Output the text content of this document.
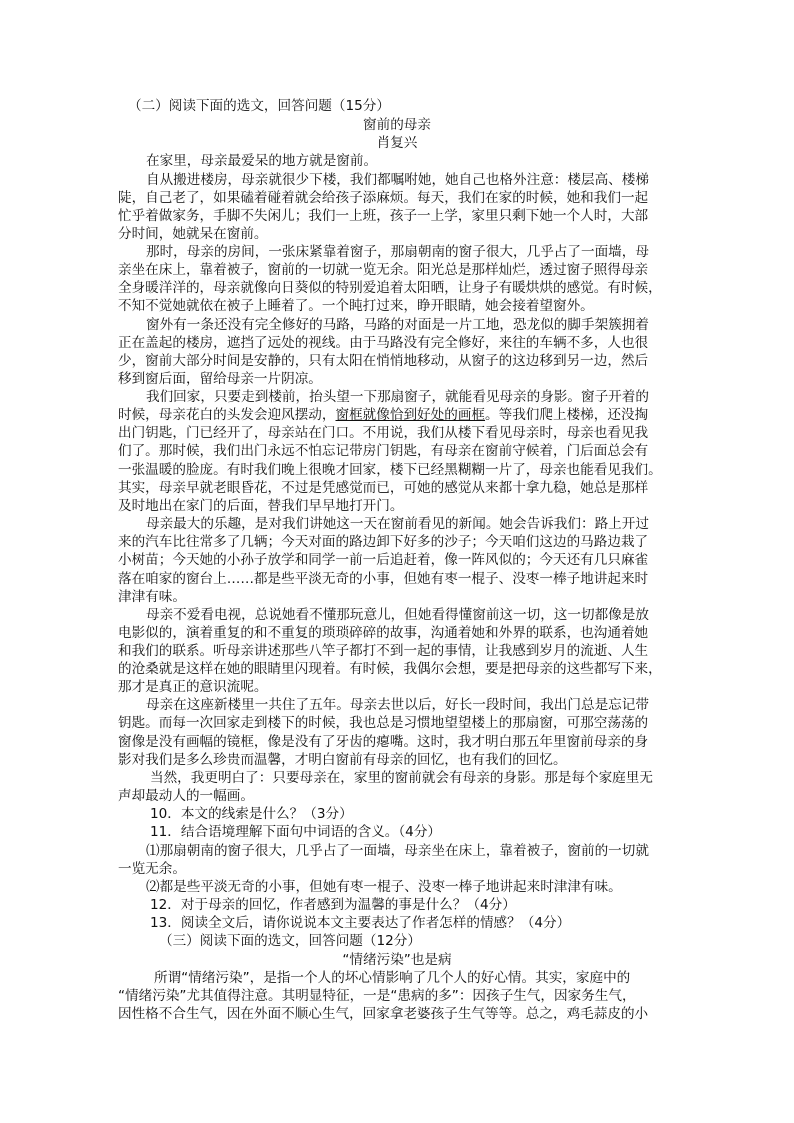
（二）阅读下面的选文，回答问题（15分）
窗前的母亲
肖复兴
在家里，母亲最爱呆的地方就是窗前。
自从搬进楼房，母亲就很少下楼，我们都嘱咐她，她自己也格外注意：楼层高、楼梯
陡，自己老了，如果磕着碰着就会给孩子添麻烦。每天，我们在家的时候，她和我们一起
忙乎着做家务，手脚不失闲儿；我们一上班，孩子一上学，家里只剩下她一个人时，大部
分时间，她就呆在窗前。
那时，母亲的房间，一张床紧靠着窗子，那扇朝南的窗子很大，几乎占了一面墙，母
亲坐在床上，靠着被子，窗前的一切就一览无余。阳光总是那样灿烂，透过窗子照得母亲
全身暖洋洋的，母亲就像向日葵似的特别爱追着太阳晒，让身子有暖烘烘的感觉。有时候，
不知不觉她就依在被子上睡着了。一个盹打过来，睁开眼睛，她会接着望窗外。
窗外有一条还没有完全修好的马路，马路的对面是一片工地，恐龙似的脚手架簇拥着
正在盖起的楼房，遮挡了远处的视线。由于马路没有完全修好，来往的车辆不多，人也很
少，窗前大部分时间是安静的，只有太阳在悄悄地移动，从窗子的这边移到另一边，然后
移到窗后面，留给母亲一片阴凉。
我们回家，只要走到楼前，抬头望一下那扇窗子，就能看见母亲的身影。窗子开着的
时候，母亲花白的头发会迎风摆动，窗框就像恰到好处的画框。等我们爬上楼梯，还没掏
出门钥匙，门已经开了，母亲站在门口。不用说，我们从楼下看见母亲时，母亲也看见我
们了。那时候，我们出门永远不怕忘记带房门钥匙，有母亲在窗前守候着，门后面总会有
一张温暖的脸庞。有时我们晚上很晚才回家，楼下已经黑糊糊一片了，母亲也能看见我们。
其实，母亲早就老眼昏花，不过是凭感觉而已，可她的感觉从来都十拿九稳，她总是那样
及时地出在家门的后面，替我们早早地打开门。
母亲最大的乐趣，是对我们讲她这一天在窗前看见的新闻。她会告诉我们：路上开过
来的汽车比往常多了几辆；今天对面的路边卸下好多的沙子；今天咱们这边的马路边栽了
小树苗；今天她的小孙子放学和同学一前一后追赶着，像一阵风似的；今天还有几只麻雀
落在咱家的窗台上……都是些平淡无奇的小事，但她有枣一棍子、没枣一棒子地讲起来时
津津有味。
母亲不爱看电视，总说她看不懂那玩意儿，但她看得懂窗前这一切，这一切都像是放
电影似的，演着重复的和不重复的琐琐碎碎的故事，沟通着她和外界的联系，也沟通着她
和我们的联系。听母亲讲述那些八竿子都打不到一起的事情，让我感到岁月的流逝、人生
的沧桑就是这样在她的眼睛里闪现着。有时候，我偶尔会想，要是把母亲的这些都写下来，
那才是真正的意识流呢。
母亲在这座新楼里一共住了五年。母亲去世以后，好长一段时间，我出门总是忘记带
钥匙。而每一次回家走到楼下的时候，我也总是习惯地望望楼上的那扇窗，可那空荡荡的
窗像是没有画幅的镜框，像是没有了牙齿的瘪嘴。这时，我才明白那五年里窗前母亲的身
影对我们是多么珍贵而温馨，才明白窗前有母亲的回忆，也有我们的回忆。
当然，我更明白了：只要母亲在，家里的窗前就会有母亲的身影。那是每个家庭里无
声却最动人的一幅画。
10．本文的线索是什么？（3分）
11．结合语境理解下面句中词语的含义。（4分）
⑴那扇朝南的窗子很大，几乎占了一面墙，母亲坐在床上，靠着被子，窗前的一切就
一览无余。
⑵都是些平淡无奇的小事，但她有枣一棍子、没枣一棒子地讲起来时津津有味。
12．对于母亲的回忆，作者感到为温馨的事是什么？（4分）
13．阅读全文后，请你说说本文主要表达了作者怎样的情感？（4分）
（三）阅读下面的选文，回答问题（12分）
“情绪污染”也是病
所谓“情绪污染”，是指一个人的坏心情影响了几个人的好心情。其实，家庭中的
“情绪污染”尤其值得注意。其明显特征，一是“患病的多”：因孩子生气，因家务生气，
因性格不合生气，因在外面不顺心生气，回家拿老婆孩子生气等等。总之，鸡毛蒜皮的小
